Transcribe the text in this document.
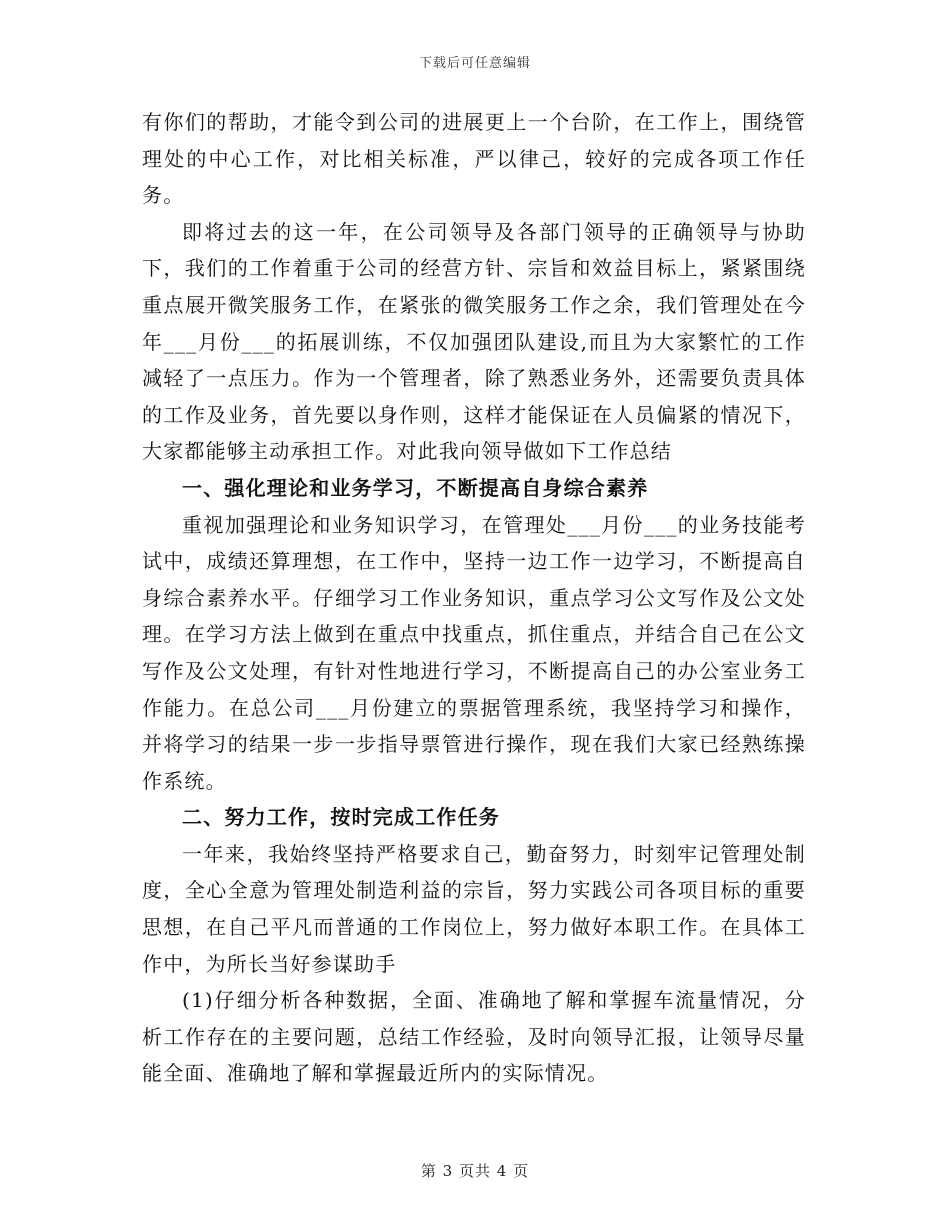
下载后可任意编辑

有你们的帮助，才能令到公司的进展更上一个台阶，在工作上，围绕管理处的中心工作，对比相关标准，严以律己，较好的完成各项工作任务。

即将过去的这一年，在公司领导及各部门领导的正确领导与协助下，我们的工作着重于公司的经营方针、宗旨和效益目标上，紧紧围绕重点展开微笑服务工作，在紧张的微笑服务工作之余，我们管理处在今年___月份___的拓展训练，不仅加强团队建设,而且为大家繁忙的工作减轻了一点压力。作为一个管理者，除了熟悉业务外，还需要负责具体的工作及业务，首先要以身作则，这样才能保证在人员偏紧的情况下，大家都能够主动承担工作。对此我向领导做如下工作总结

一、强化理论和业务学习，不断提高自身综合素养

重视加强理论和业务知识学习，在管理处___月份___的业务技能考试中，成绩还算理想，在工作中，坚持一边工作一边学习，不断提高自身综合素养水平。仔细学习工作业务知识，重点学习公文写作及公文处理。在学习方法上做到在重点中找重点，抓住重点，并结合自己在公文写作及公文处理，有针对性地进行学习，不断提高自己的办公室业务工作能力。在总公司___月份建立的票据管理系统，我坚持学习和操作，并将学习的结果一步一步指导票管进行操作，现在我们大家已经熟练操作系统。

二、努力工作，按时完成工作任务

一年来，我始终坚持严格要求自己，勤奋努力，时刻牢记管理处制度，全心全意为管理处制造利益的宗旨，努力实践公司各项目标的重要思想，在自己平凡而普通的工作岗位上，努力做好本职工作。在具体工作中，为所长当好参谋助手

(1)仔细分析各种数据，全面、准确地了解和掌握车流量情况，分析工作存在的主要问题，总结工作经验，及时向领导汇报，让领导尽量能全面、准确地了解和掌握最近所内的实际情况。

第 3 页共 4 页
